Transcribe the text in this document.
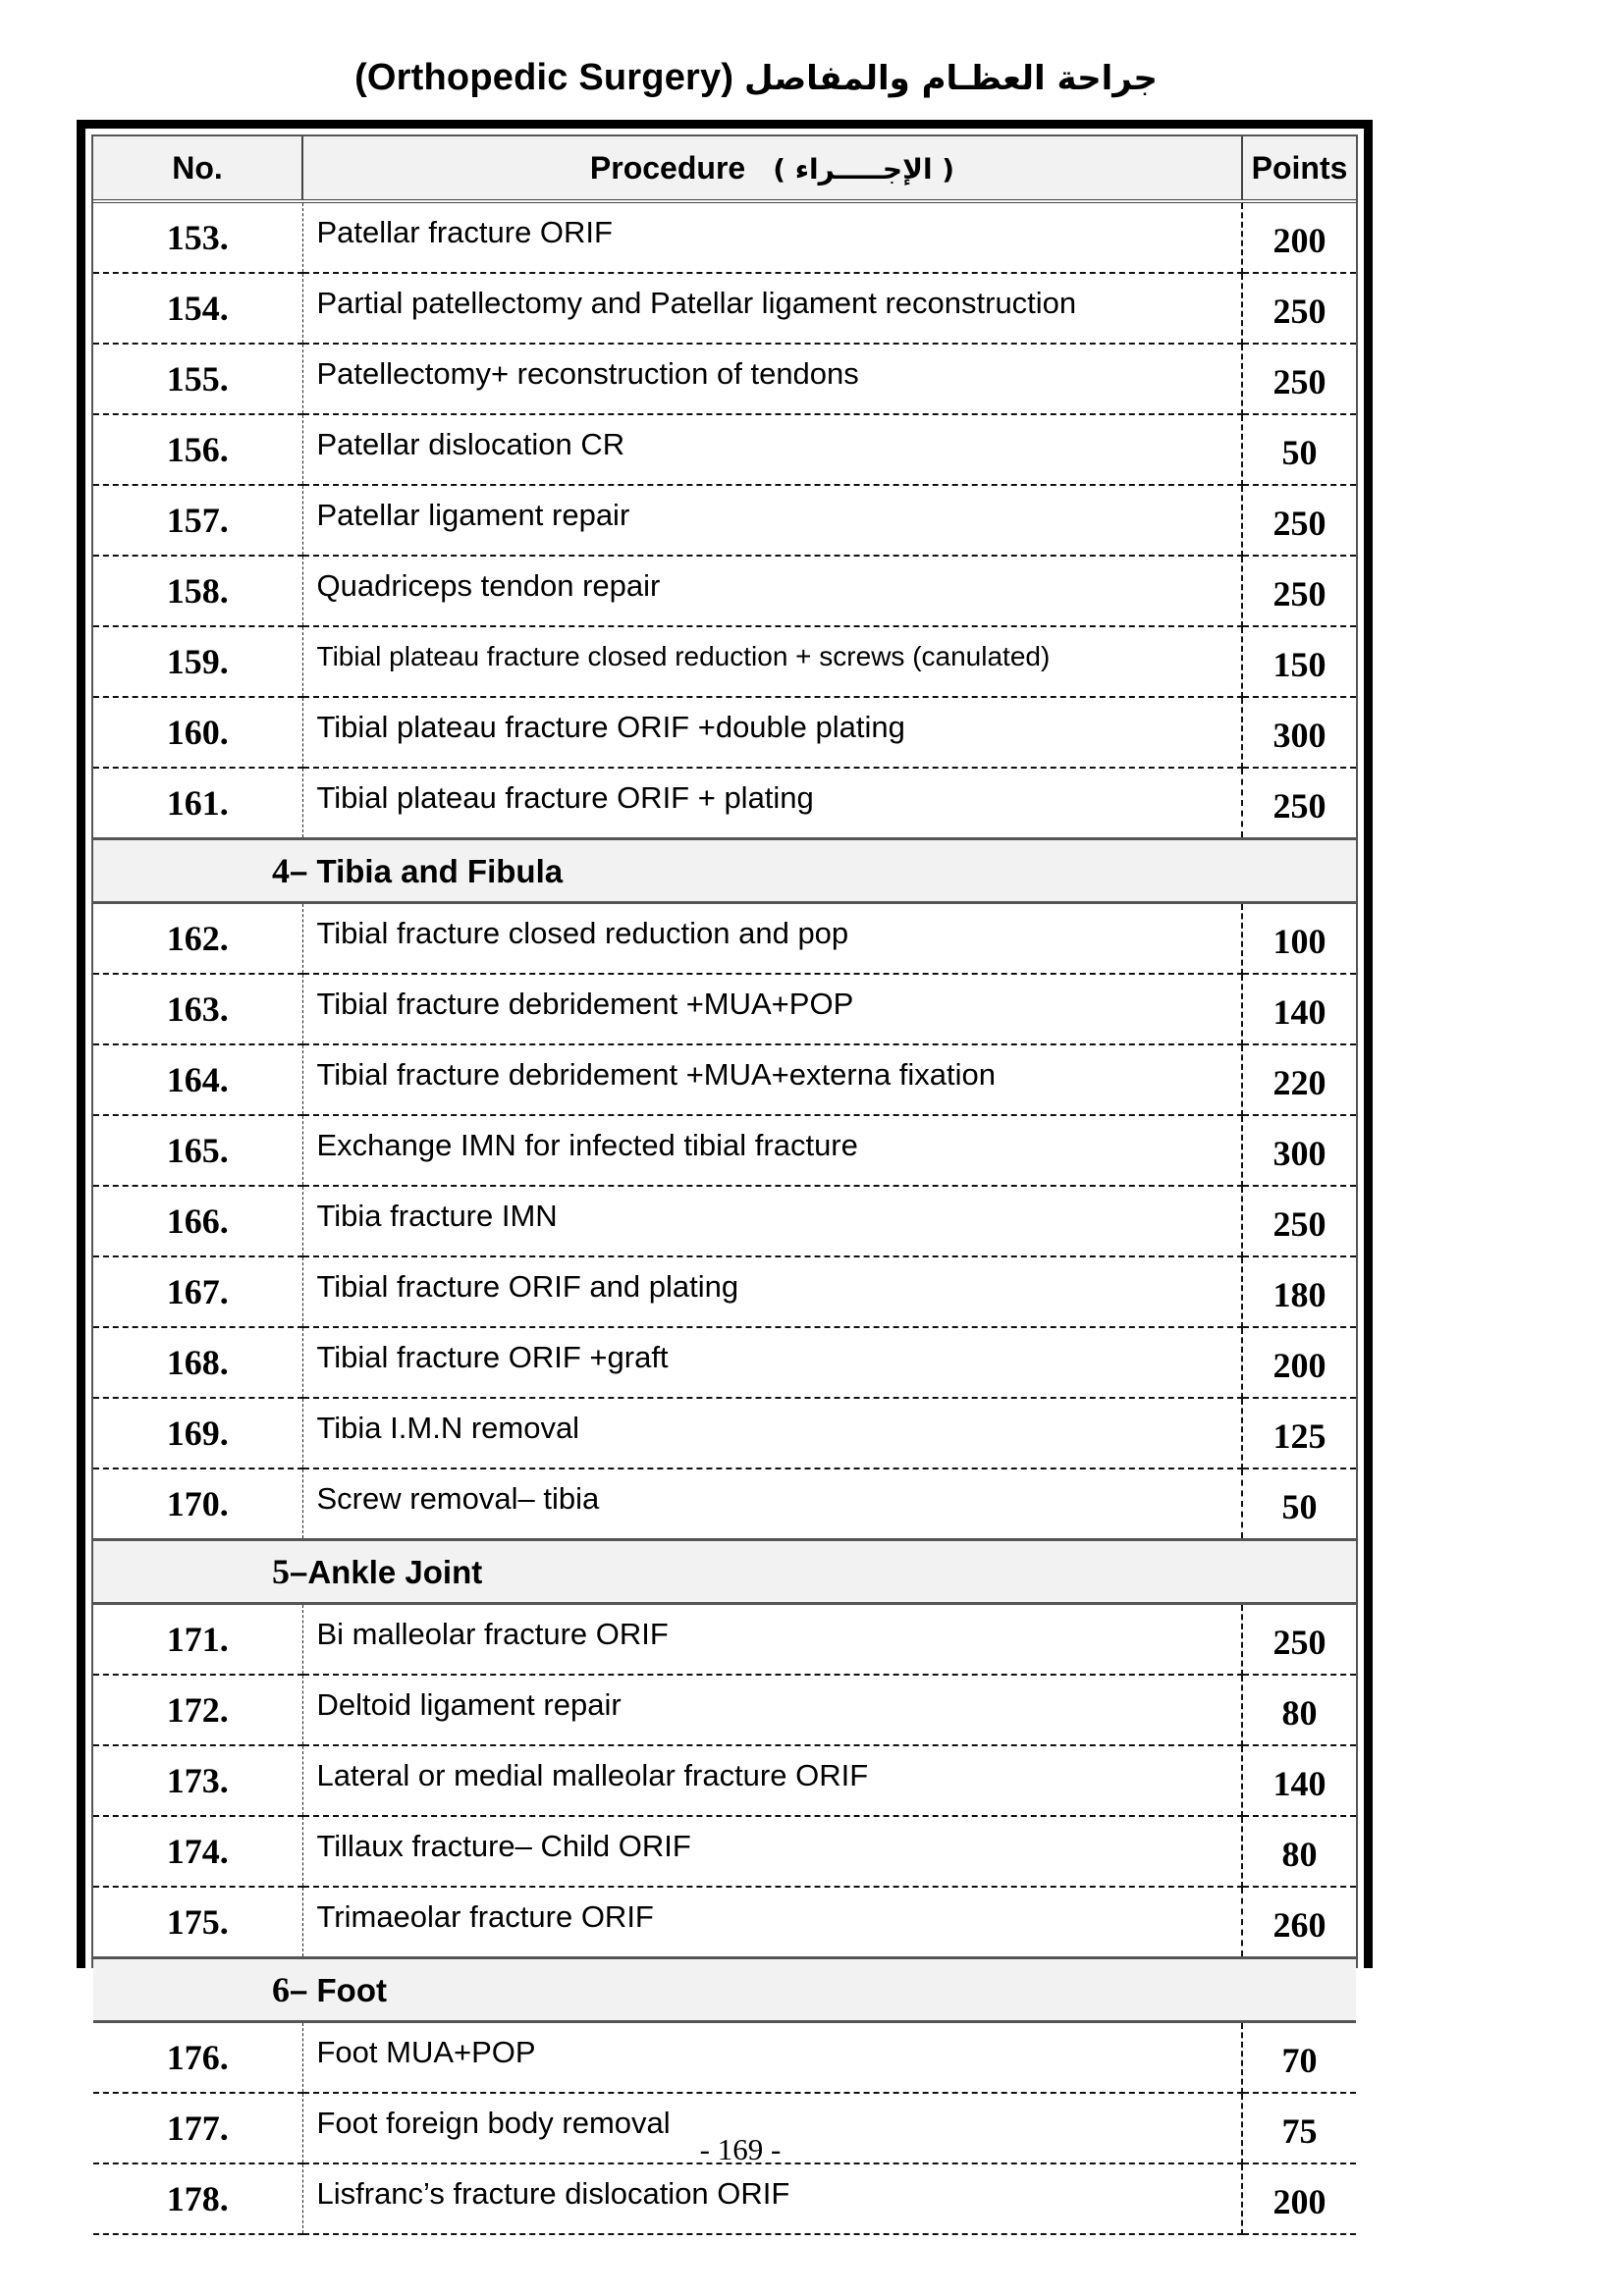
(Orthopedic Surgery) جراحة العظـام والمفاصل
No.	Procedure ( الإجـــــراء )	Points
153.	Patellar fracture ORIF	200
154.	Partial patellectomy and Patellar ligament reconstruction	250
155.	Patellectomy+ reconstruction of tendons	250
156.	Patellar dislocation CR	50
157.	Patellar ligament repair	250
158.	Quadriceps tendon repair	250
159.	Tibial plateau fracture closed reduction + screws (canulated)	150
160.	Tibial plateau fracture ORIF +double plating	300
161.	Tibial plateau fracture ORIF + plating	250
4– Tibia and Fibula		
162.	Tibial fracture closed reduction and pop	100
163.	Tibial fracture debridement +MUA+POP	140
164.	Tibial fracture debridement +MUA+externa fixation	220
165.	Exchange IMN for infected tibial fracture	300
166.	Tibia fracture IMN	250
167.	Tibial fracture ORIF and plating	180
168.	Tibial fracture ORIF +graft	200
169.	Tibia I.M.N removal	125
170.	Screw removal– tibia	50
5–Ankle Joint		
171.	Bi malleolar fracture ORIF	250
172.	Deltoid ligament repair	80
173.	Lateral or medial malleolar fracture ORIF	140
174.	Tillaux fracture– Child ORIF	80
175.	Trimaeolar fracture ORIF	260
6– Foot		
176.	Foot MUA+POP	70
177.	Foot foreign body removal	75
178.	Lisfranc’s fracture dislocation ORIF	200
- 169 -
